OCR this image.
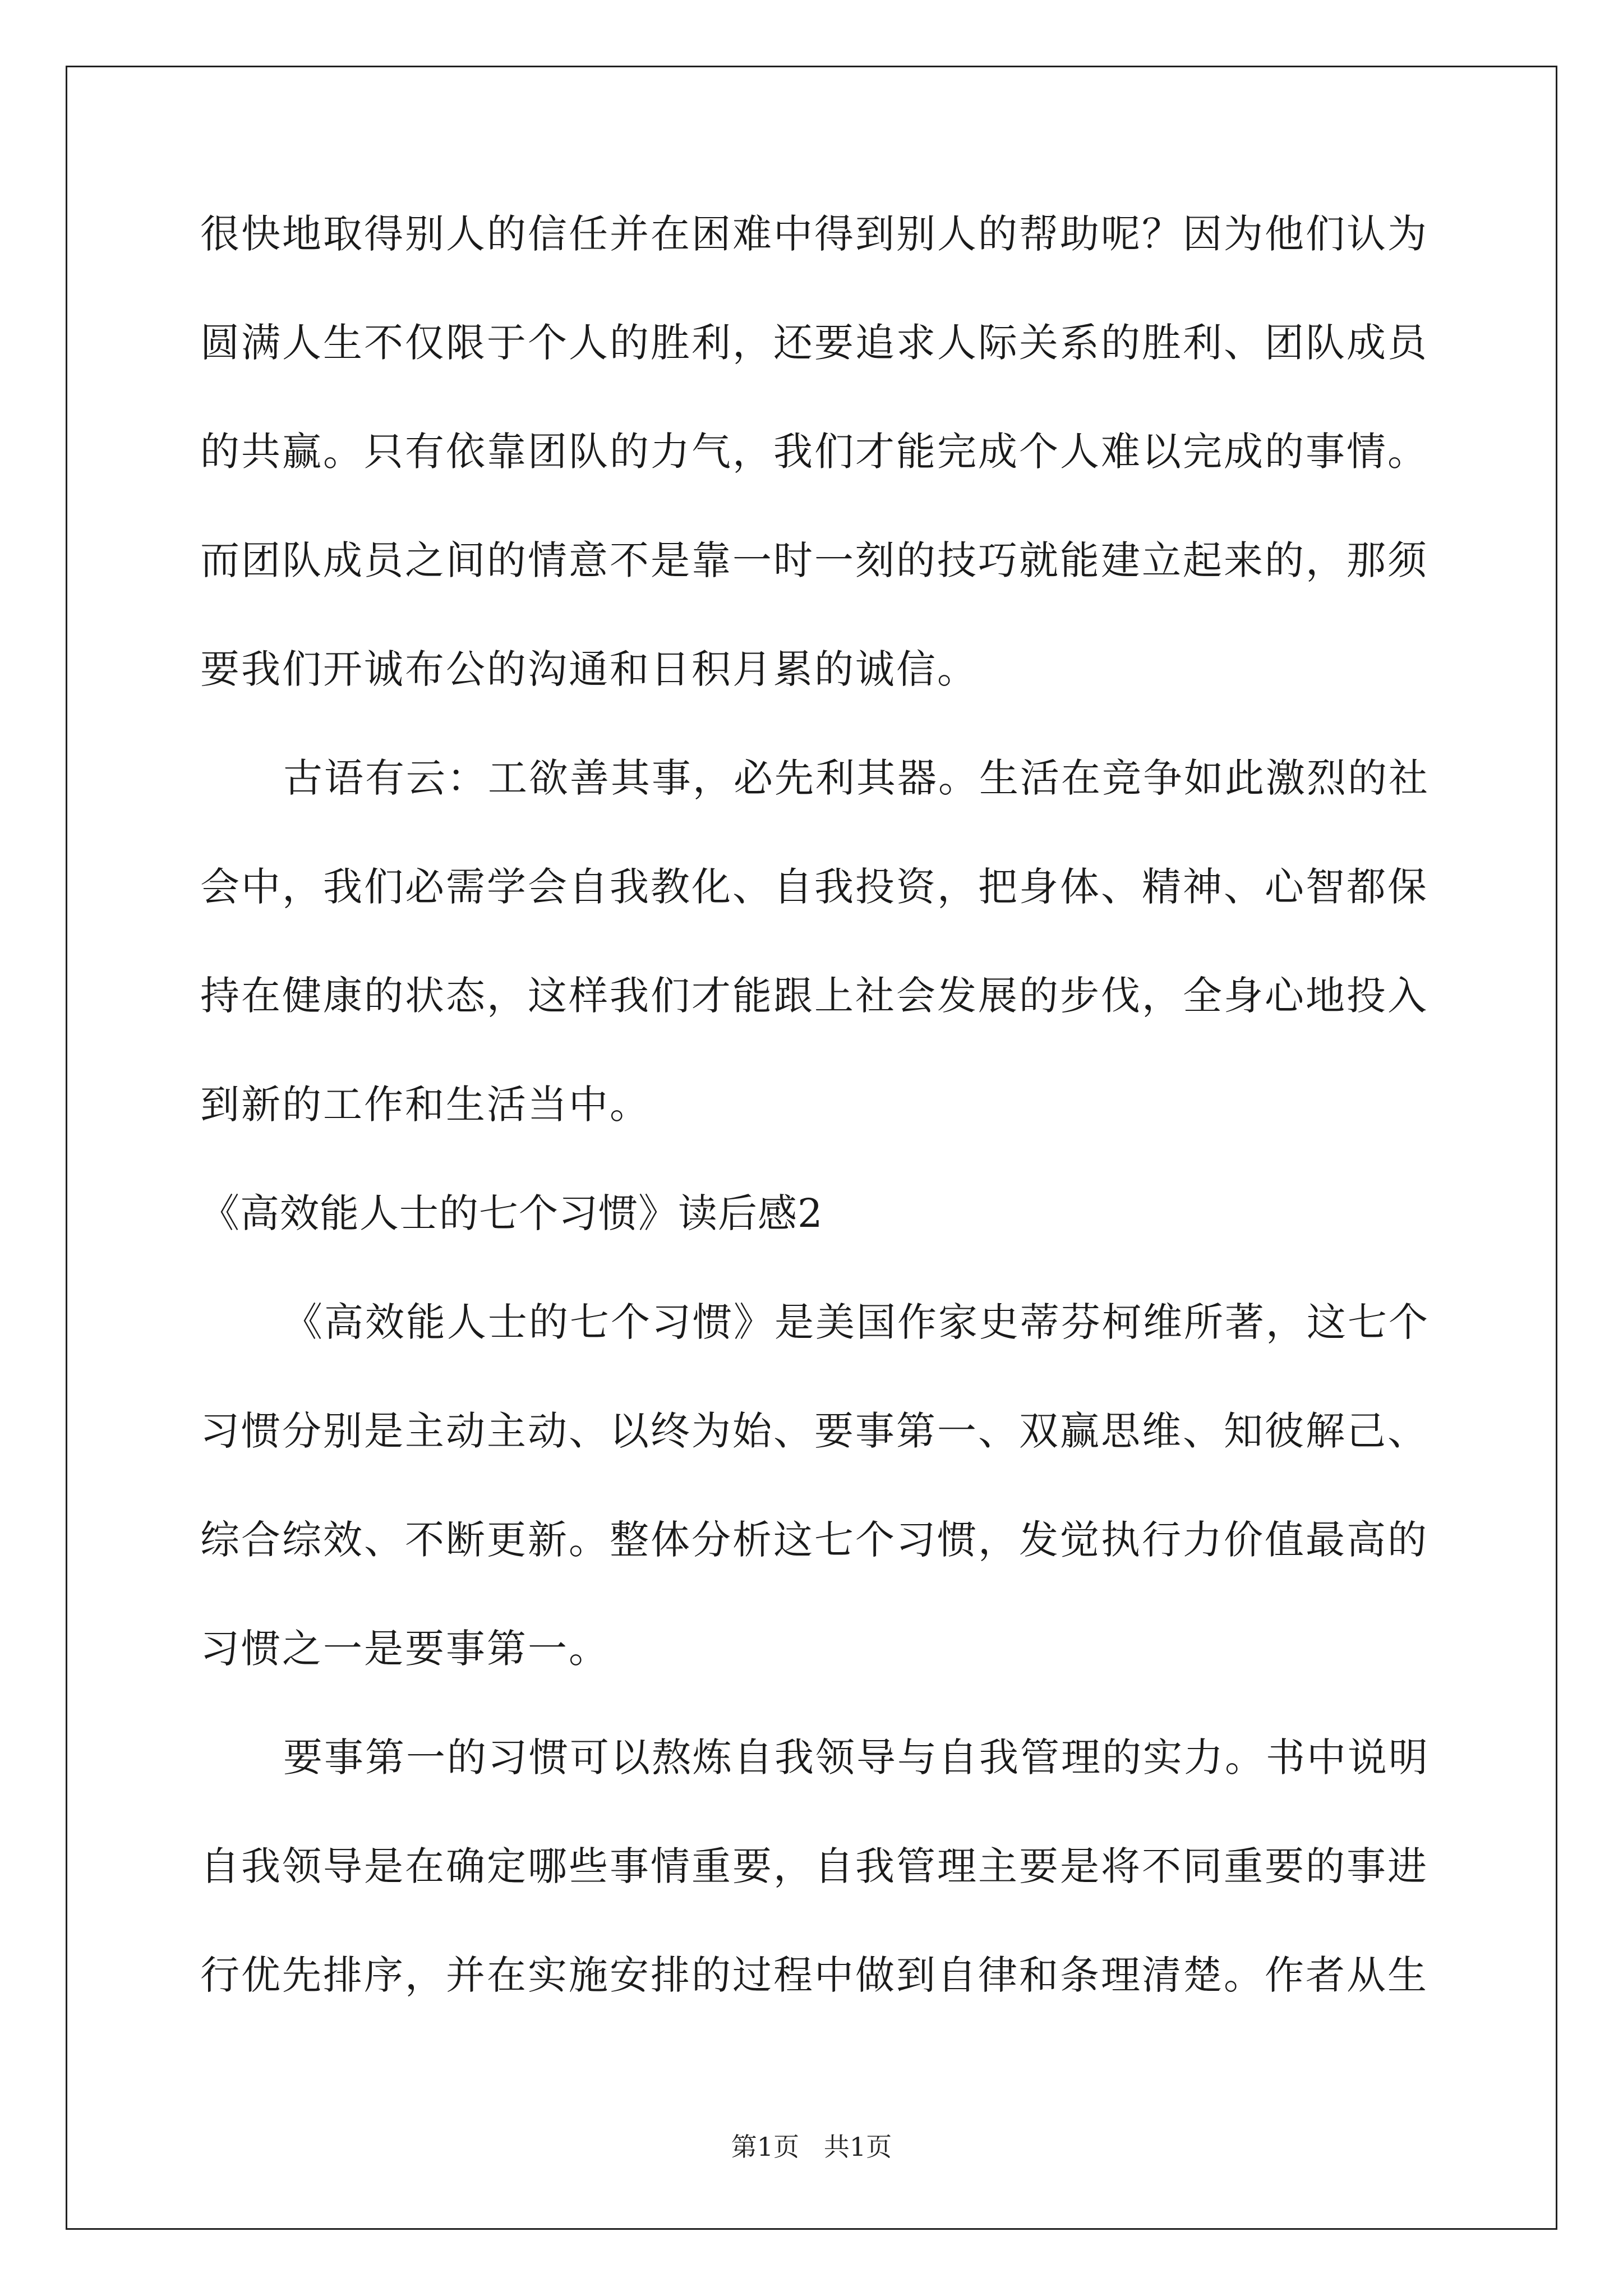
很快地取得别人的信任并在困难中得到别人的帮助呢？因为他们认为
圆满人生不仅限于个人的胜利，还要追求人际关系的胜利、团队成员
的共赢。只有依靠团队的力气，我们才能完成个人难以完成的事情。
而团队成员之间的情意不是靠一时一刻的技巧就能建立起来的，那须
要我们开诚布公的沟通和日积月累的诚信。
古语有云：工欲善其事，必先利其器。生活在竞争如此激烈的社
会中，我们必需学会自我教化、自我投资，把身体、精神、心智都保
持在健康的状态，这样我们才能跟上社会发展的步伐，全身心地投入
到新的工作和生活当中。
《高效能人士的七个习惯》读后感2
《高效能人士的七个习惯》是美国作家史蒂芬柯维所著，这七个
习惯分别是主动主动、以终为始、要事第一、双赢思维、知彼解己、
综合综效、不断更新。整体分析这七个习惯，发觉执行力价值最高的
习惯之一是要事第一。
要事第一的习惯可以熬炼自我领导与自我管理的实力。书中说明
自我领导是在确定哪些事情重要，自我管理主要是将不同重要的事进
行优先排序，并在实施安排的过程中做到自律和条理清楚。作者从生
第1页   共1页
